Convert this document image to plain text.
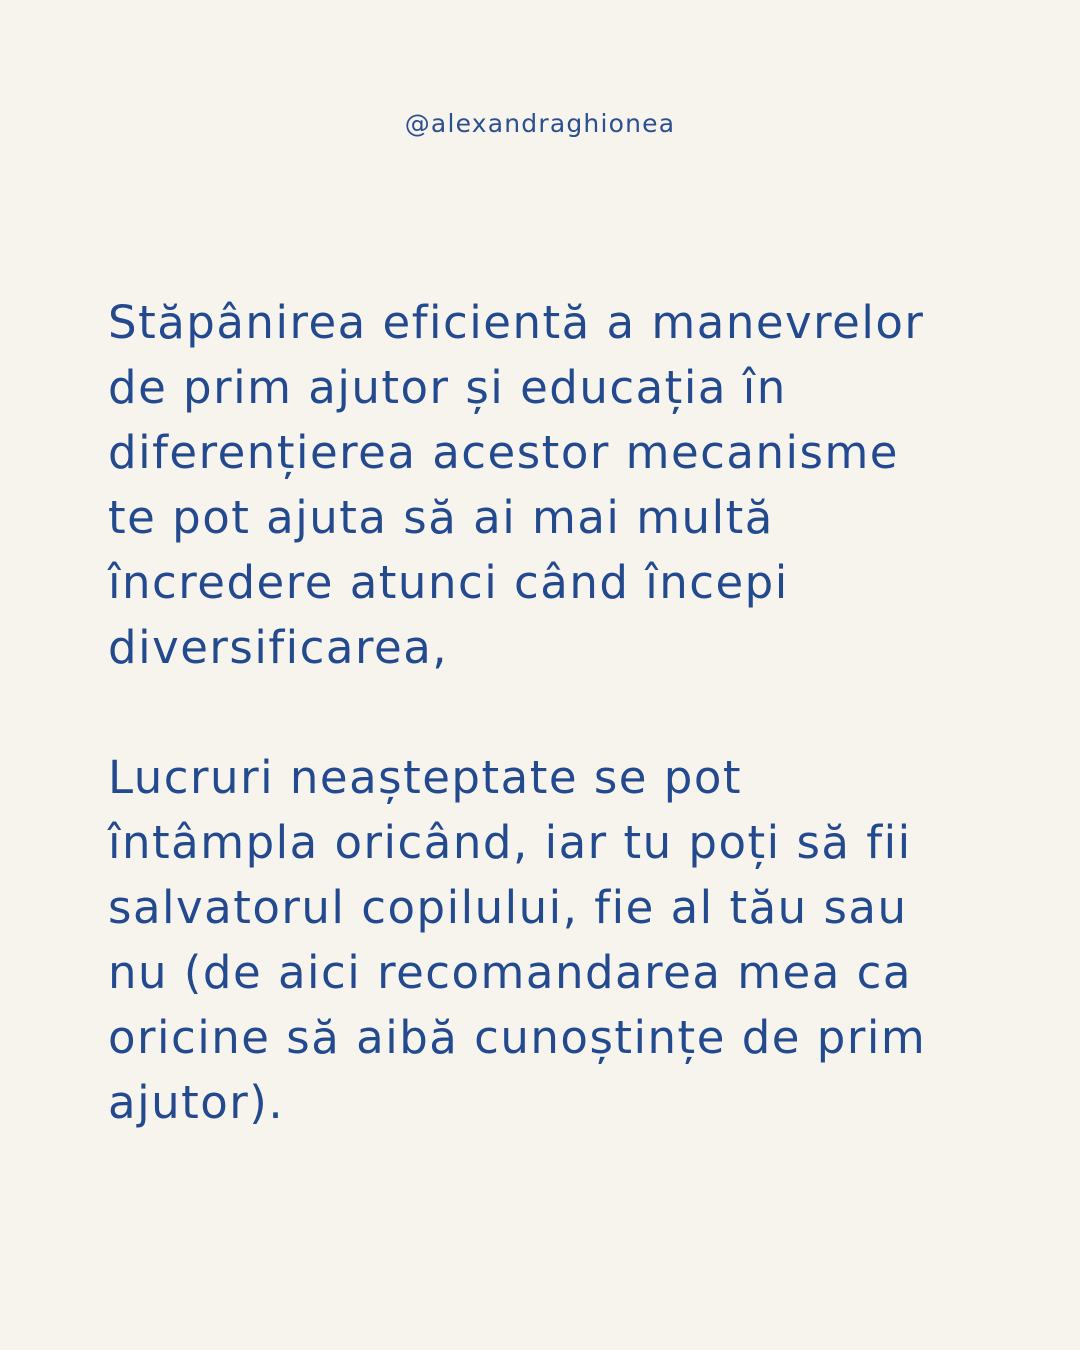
@alexandraghionea
Stăpânirea eficientă a manevrelor
de prim ajutor și educația în
diferențierea acestor mecanisme
te pot ajuta să ai mai multă
încredere atunci când începi
diversificarea,
Lucruri neașteptate se pot
întâmpla oricând, iar tu poți să fii
salvatorul copilului, fie al tău sau
nu (de aici recomandarea mea ca
oricine să aibă cunoștințe de prim
ajutor).
